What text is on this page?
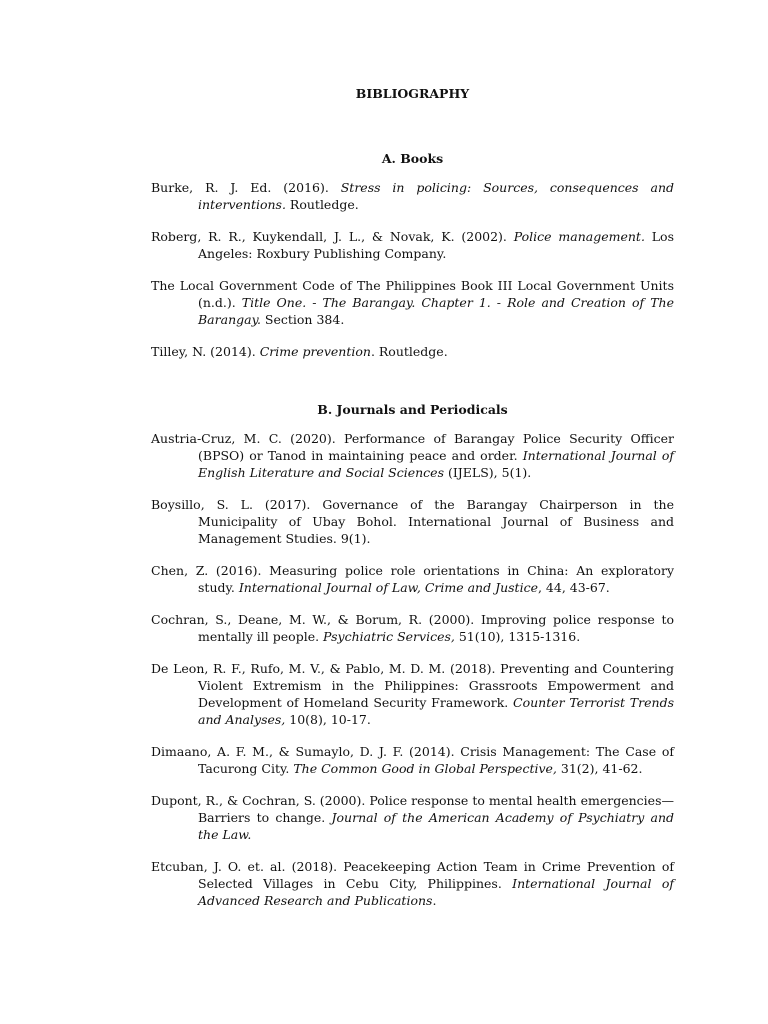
BIBLIOGRAPHY
A. Books

Burke, R. J. Ed. (2016). Stress in policing: Sources, consequences and interventions. Routledge.

Roberg, R. R., Kuykendall, J. L., & Novak, K. (2002). Police management. Los Angeles: Roxbury Publishing Company.

The Local Government Code of The Philippines Book III Local Government Units (n.d.). Title One. - The Barangay. Chapter 1. - Role and Creation of The Barangay. Section 384.

Tilley, N. (2014). Crime prevention. Routledge.

B. Journals and Periodicals

Austria-Cruz, M. C. (2020). Performance of Barangay Police Security Officer (BPSO) or Tanod in maintaining peace and order. International Journal of English Literature and Social Sciences (IJELS), 5(1).

Boysillo, S. L. (2017). Governance of the Barangay Chairperson in the Municipality of Ubay Bohol. International Journal of Business and Management Studies. 9(1).

Chen, Z. (2016). Measuring police role orientations in China: An exploratory study. International Journal of Law, Crime and Justice, 44, 43-67.

Cochran, S., Deane, M. W., & Borum, R. (2000). Improving police response to mentally ill people. Psychiatric Services, 51(10), 1315-1316.

De Leon, R. F., Rufo, M. V., & Pablo, M. D. M. (2018). Preventing and Countering Violent Extremism in the Philippines: Grassroots Empowerment and Development of Homeland Security Framework. Counter Terrorist Trends and Analyses, 10(8), 10-17.

Dimaano, A. F. M., & Sumaylo, D. J. F. (2014). Crisis Management: The Case of Tacurong City. The Common Good in Global Perspective, 31(2), 41-62.

Dupont, R., & Cochran, S. (2000). Police response to mental health emergencies—Barriers to change. Journal of the American Academy of Psychiatry and the Law.

Etcuban, J. O. et. al. (2018). Peacekeeping Action Team in Crime Prevention of Selected Villages in Cebu City, Philippines. International Journal of Advanced Research and Publications.
